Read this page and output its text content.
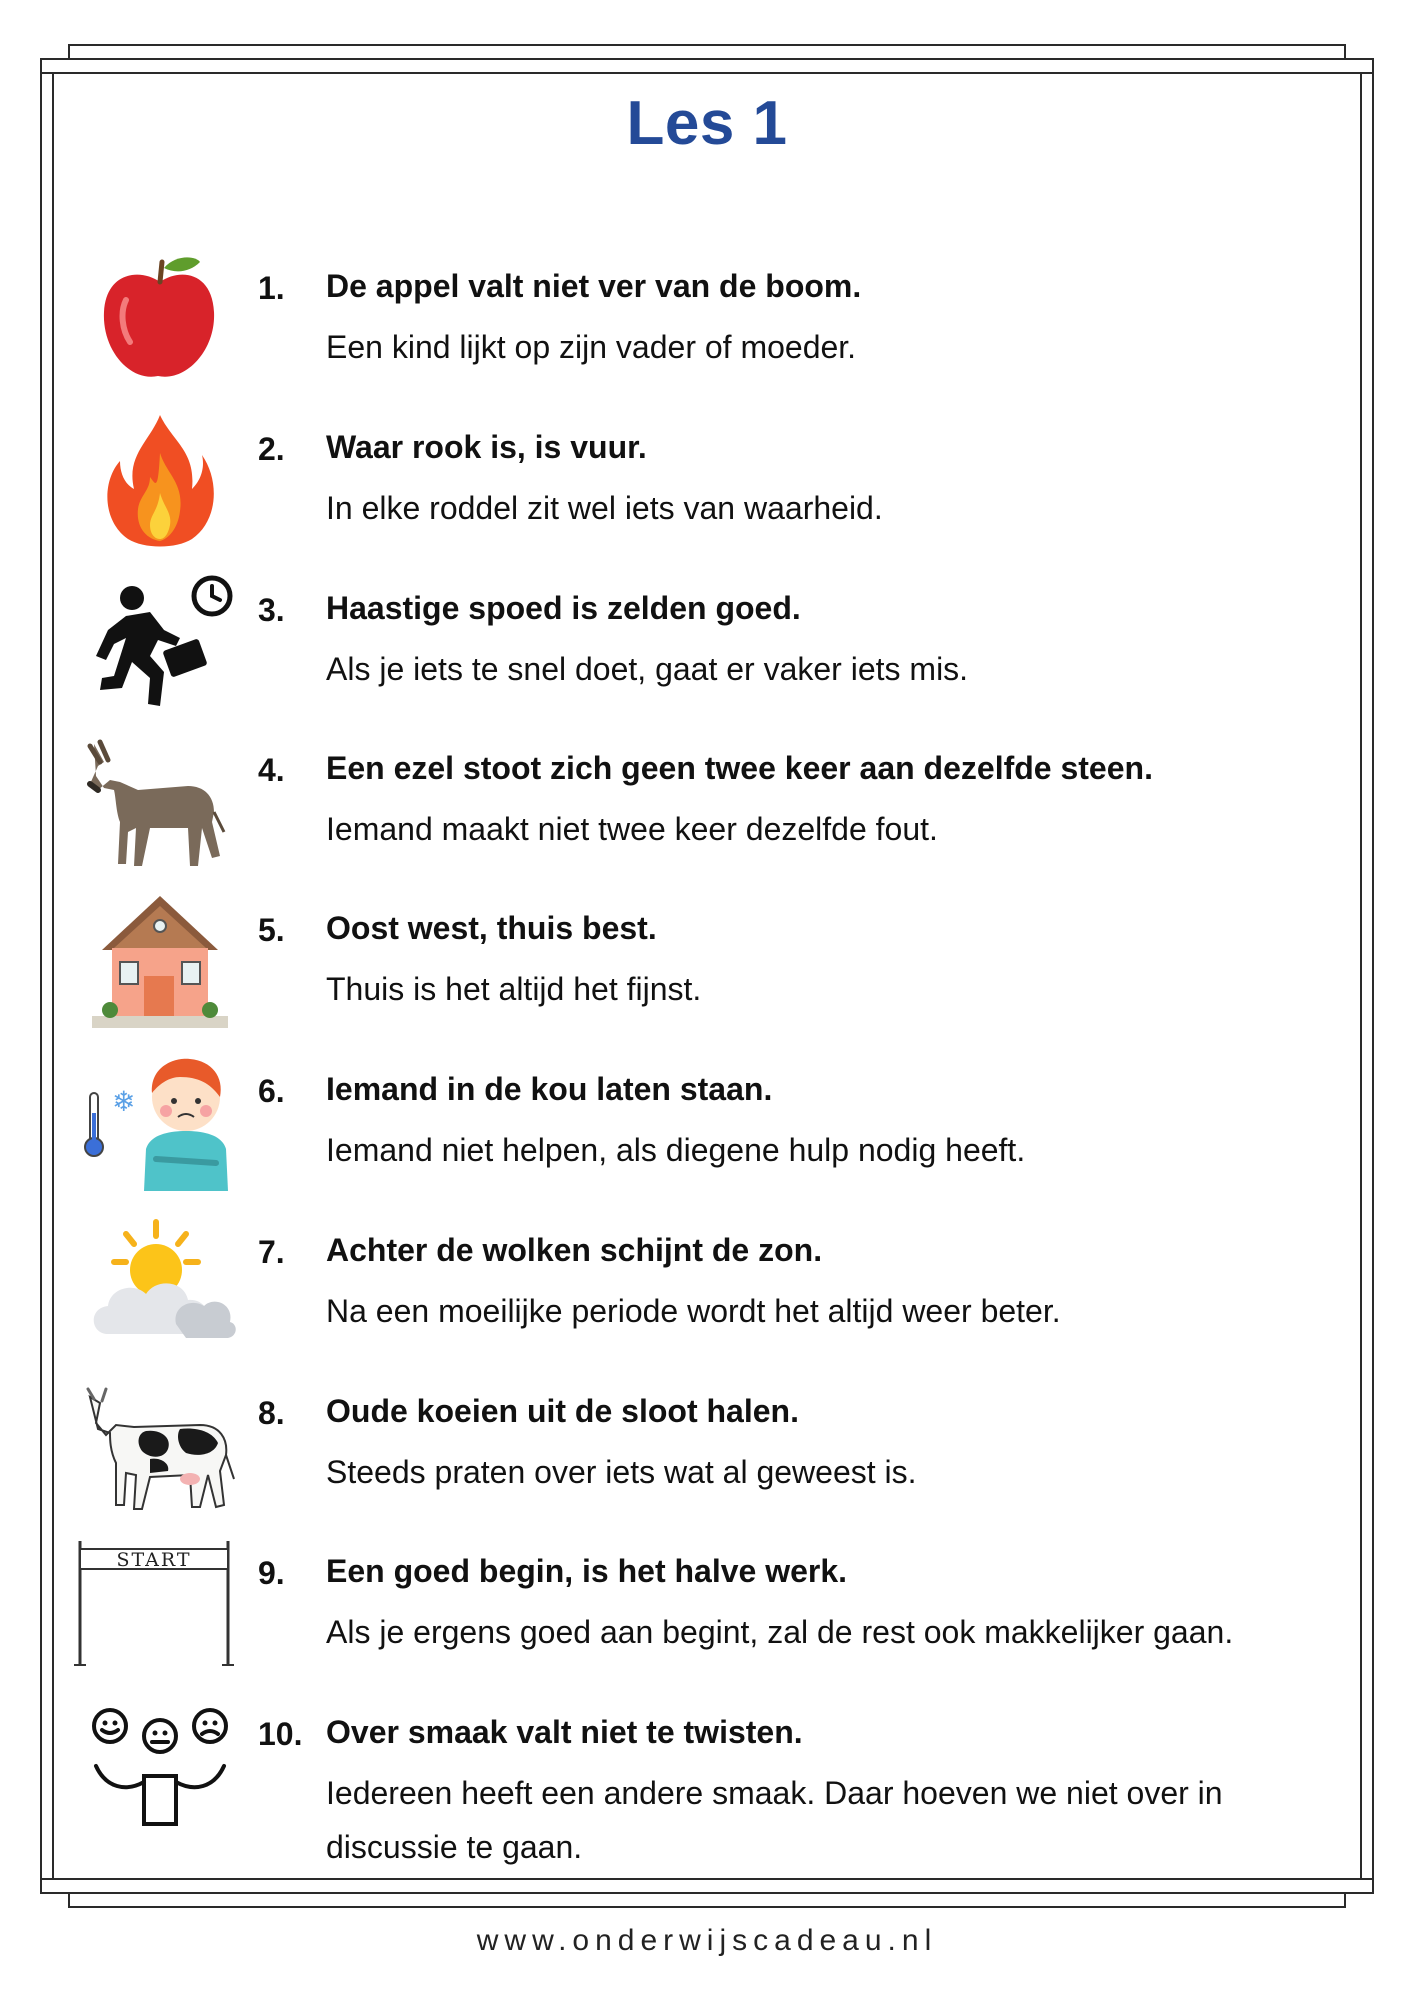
Les 1
1. De appel valt niet ver van de boom.
Een kind lijkt op zijn vader of moeder.
2. Waar rook is, is vuur.
In elke roddel zit wel iets van waarheid.
3. Haastige spoed is zelden goed.
Als je iets te snel doet, gaat er vaker iets mis.
4. Een ezel stoot zich geen twee keer aan dezelfde steen.
Iemand maakt niet twee keer dezelfde fout.
5. Oost west, thuis best.
Thuis is het altijd het fijnst.
❄	6. Iemand in de kou laten staan.
Iemand niet helpen, als diegene hulp nodig heeft.
7. Achter de wolken schijnt de zon.
Na een moeilijke periode wordt het altijd weer beter.
8. Oude koeien uit de sloot halen.
Steeds praten over iets wat al geweest is.
START 9. Een goed begin, is het halve werk.
Als je ergens goed aan begint, zal de rest ook makkelijker gaan.
10. Over smaak valt niet te twisten.
Iedereen heeft een andere smaak. Daar hoeven we niet over in discussie te gaan.
www.onderwijscadeau.nl
